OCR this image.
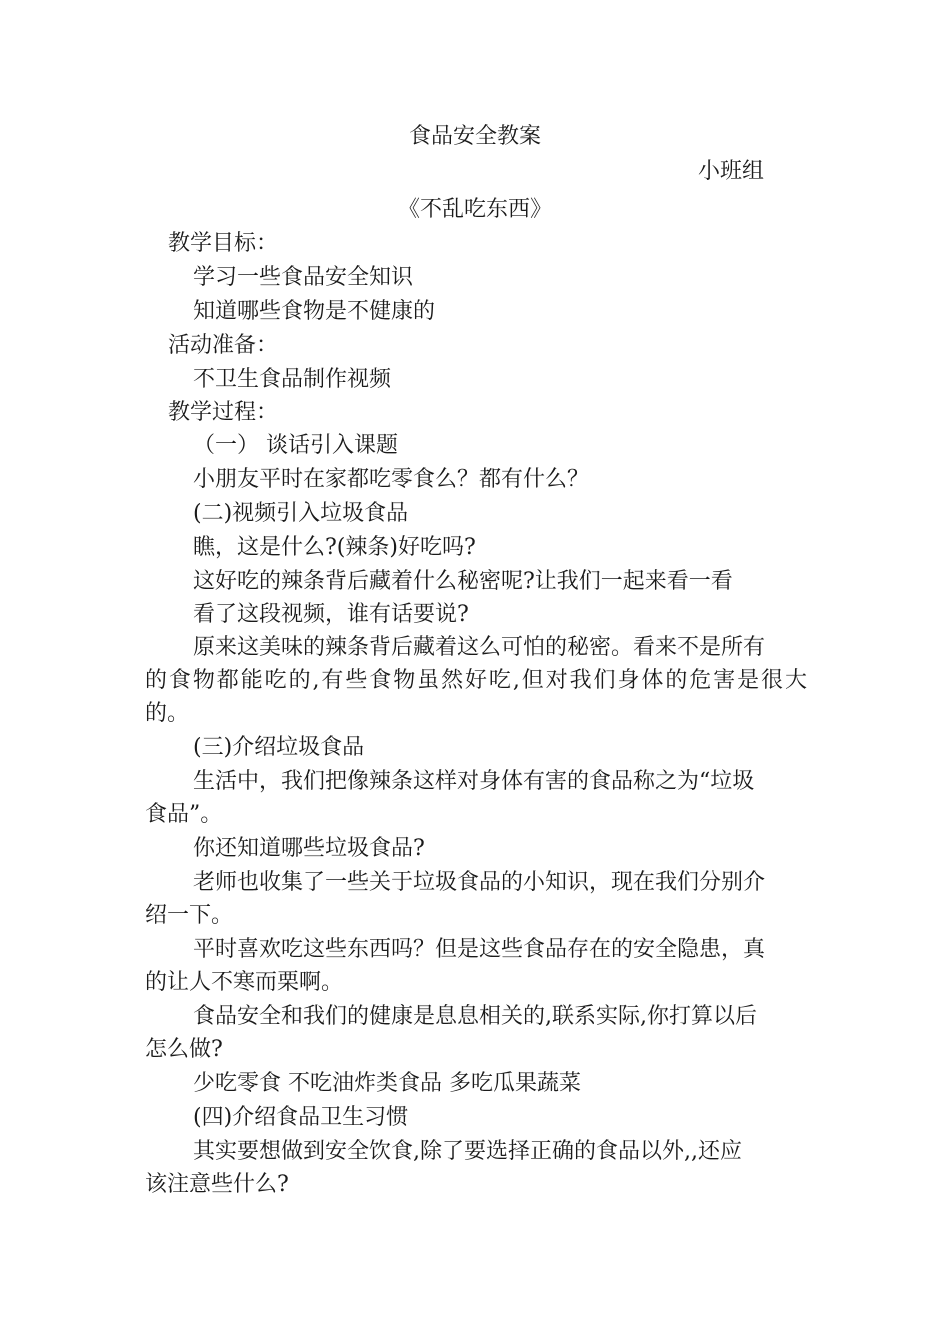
食品安全教案
小班组
《不乱吃东西》
教学目标：
学习一些食品安全知识
知道哪些食物是不健康的
活动准备：
不卫生食品制作视频
教学过程：
（一） 谈话引入课题
小朋友平时在家都吃零食么？都有什么？
(二)视频引入垃圾食品
瞧，这是什么?(辣条)好吃吗?
这好吃的辣条背后藏着什么秘密呢?让我们一起来看一看
看了这段视频，谁有话要说?
原来这美味的辣条背后藏着这么可怕的秘密。看来不是所有
的食物都能吃的,有些食物虽然好吃,但对我们身体的危害是很大
的。
(三)介绍垃圾食品
生活中，我们把像辣条这样对身体有害的食品称之为“垃圾
食品”。
你还知道哪些垃圾食品?
老师也收集了一些关于垃圾食品的小知识，现在我们分别介
绍一下。
平时喜欢吃这些东西吗？但是这些食品存在的安全隐患，真
的让人不寒而栗啊。
食品安全和我们的健康是息息相关的,联系实际,你打算以后
怎么做?
少吃零食 不吃油炸类食品 多吃瓜果蔬菜
(四)介绍食品卫生习惯
其实要想做到安全饮食,除了要选择正确的食品以外,,还应
该注意些什么?
